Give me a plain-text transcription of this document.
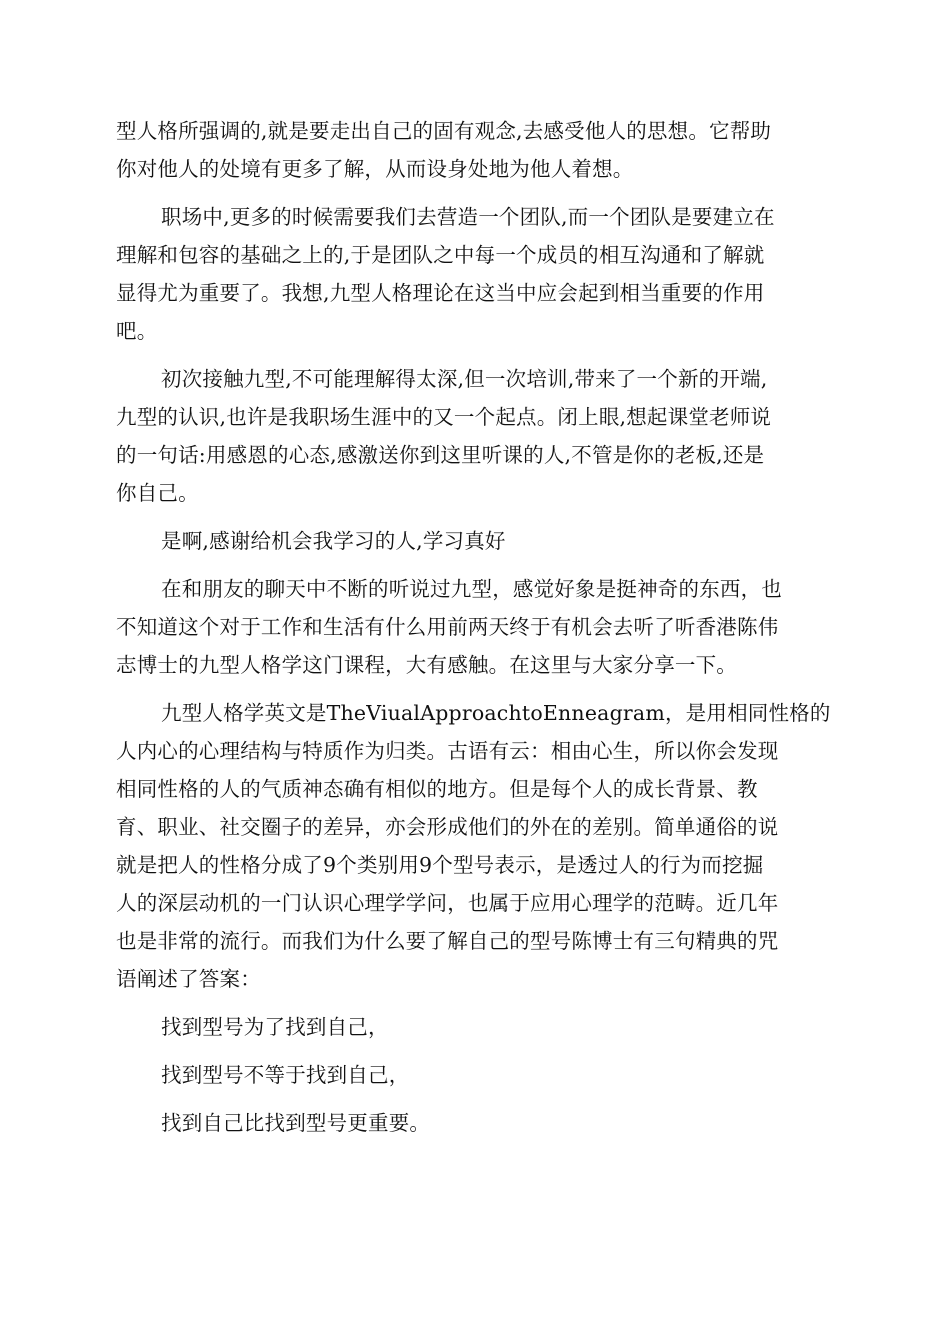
型人格所强调的,就是要走出自己的固有观念,去感受他人的思想。它帮助
你对他人的处境有更多了解，从而设身处地为他人着想。
职场中,更多的时候需要我们去营造一个团队,而一个团队是要建立在
理解和包容的基础之上的,于是团队之中每一个成员的相互沟通和了解就
显得尤为重要了。我想,九型人格理论在这当中应会起到相当重要的作用
吧。
初次接触九型,不可能理解得太深,但一次培训,带来了一个新的开端,
九型的认识,也许是我职场生涯中的又一个起点。闭上眼,想起课堂老师说
的一句话:用感恩的心态,感激送你到这里听课的人,不管是你的老板,还是
你自己。
是啊,感谢给机会我学习的人,学习真好
在和朋友的聊天中不断的听说过九型，感觉好象是挺神奇的东西，也
不知道这个对于工作和生活有什么用前两天终于有机会去听了听香港陈伟
志博士的九型人格学这门课程，大有感触。在这里与大家分享一下。
九型人格学英文是TheViualApproachtoEnneagram，是用相同性格的
人内心的心理结构与特质作为归类。古语有云：相由心生，所以你会发现
相同性格的人的气质神态确有相似的地方。但是每个人的成长背景、教
育、职业、社交圈子的差异，亦会形成他们的外在的差别。简单通俗的说
就是把人的性格分成了9个类别用9个型号表示，是透过人的行为而挖掘
人的深层动机的一门认识心理学学问，也属于应用心理学的范畴。近几年
也是非常的流行。而我们为什么要了解自己的型号陈博士有三句精典的咒
语阐述了答案：
找到型号为了找到自己，
找到型号不等于找到自己，
找到自己比找到型号更重要。
